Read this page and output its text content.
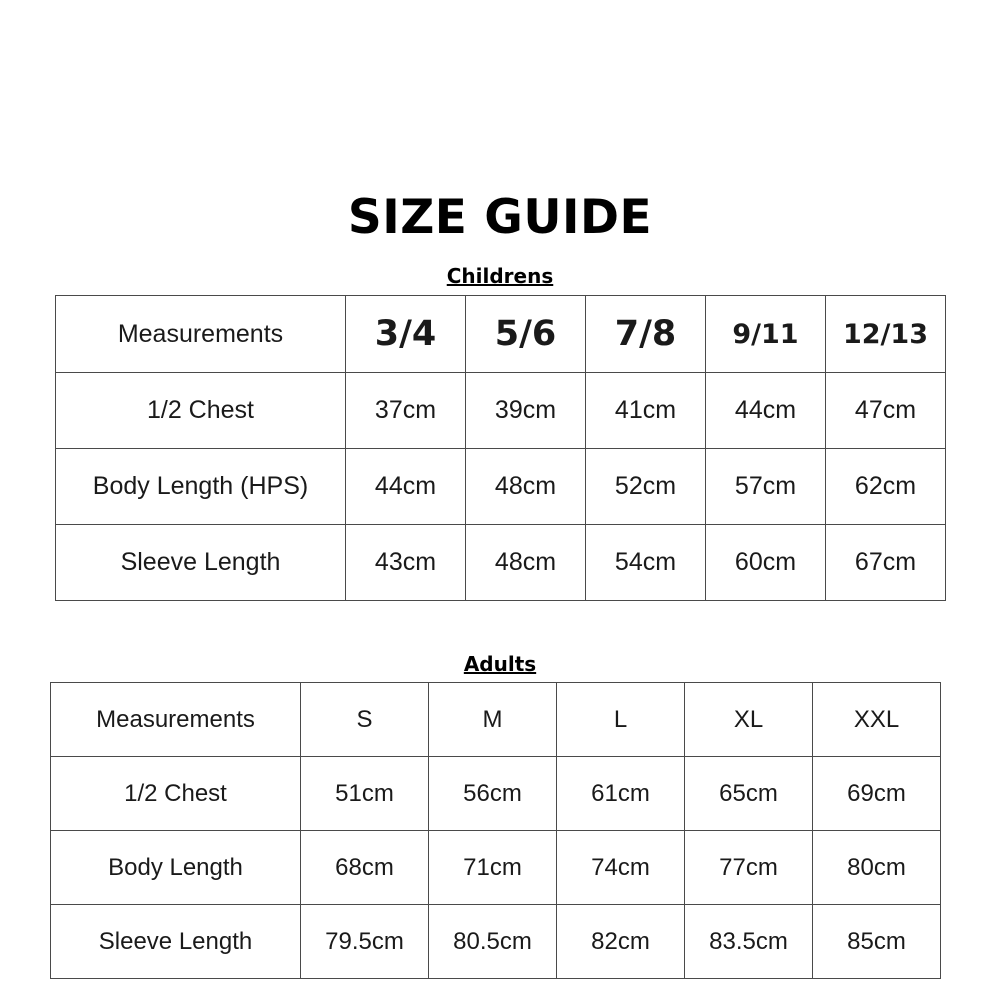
SIZE GUIDE
Childrens
Measurements	3/4	5/6	7/8	9/11	12/13
1/2 Chest	37cm	39cm	41cm	44cm	47cm
Body Length (HPS)	44cm	48cm	52cm	57cm	62cm
Sleeve Length	43cm	48cm	54cm	60cm	67cm
Adults
Measurements	S	M	L	XL	XXL
1/2 Chest	51cm	56cm	61cm	65cm	69cm
Body Length	68cm	71cm	74cm	77cm	80cm
Sleeve Length	79.5cm	80.5cm	82cm	83.5cm	85cm
